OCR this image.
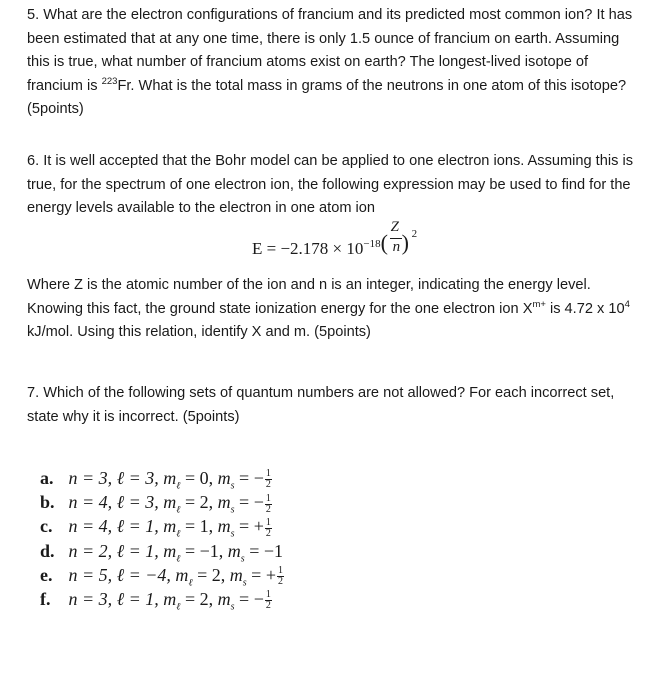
5. What are the electron configurations of francium and its predicted most common ion? It has

been estimated that at any one time, there is only 1.5 ounce of francium on earth. Assuming

this is true, what number of francium atoms exist on earth? The longest-lived isotope of

francium is $^{223}$Fr. What is the total mass in grams of the neutrons in one atom of this isotope?

(5points)

6. It is well accepted that the Bohr model can be applied to one electron ions. Assuming this is

true, for the spectrum of one electron ion, the following expression may be used to find for the

energy levels available to the electron in one atom ion

$E = -2.178 \times 10^{-18}$ (
Z
n ) 2

Where Z is the atomic number of the ion and n is an integer, indicating the energy level.

Knowing this fact, the ground state ionization energy for the one electron ion $X^{m+}$ is 4.72 x $10^4$

kJ/mol. Using this relation, identify X and m. (5points)

7. Which of the following sets of quantum numbers are not allowed? For each incorrect set,

state why it is incorrect. (5points)

a. n = 3, ℓ = 3, $m_\ell = 0$, $m_s$ = − $\frac{1}{2}$
b. n = 4, ℓ = 3, $m_\ell = 2$, $m_s$ = − $\frac{1}{2}$
c. n = 4, ℓ = 1, $m_\ell = 1$, $m_s$ = + $\frac{1}{2}$
d. n = 2, ℓ = 1, $m_\ell = -1$, $m_s = -1$
e. n = 5, ℓ = −4, $m_\ell = 2$, $m_s$ = + $\frac{1}{2}$
f. n = 3, ℓ = 1, $m_\ell = 2$, $m_s$ = − $\frac{1}{2}$
